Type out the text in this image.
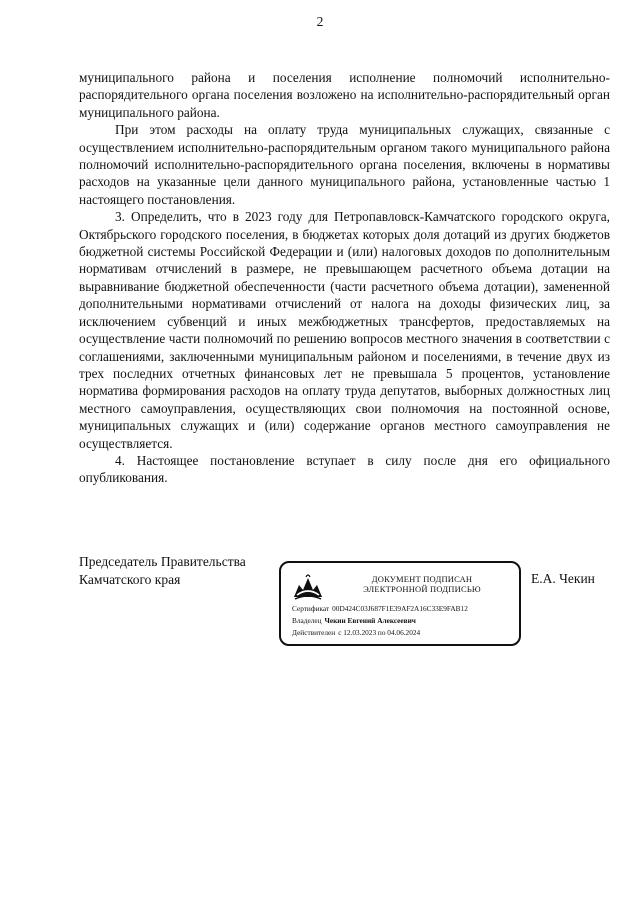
2

муниципального района и поселения исполнение полномочий исполнительно-распорядительного органа поселения возложено на исполнительно-распорядительный орган муниципального района.

При этом расходы на оплату труда муниципальных служащих, связанные с осуществлением исполнительно-распорядительным органом такого муниципального района полномочий исполнительно-распорядительного органа поселения, включены в нормативы расходов на указанные цели данного муниципального района, установленные частью 1 настоящего постановления.

3. Определить, что в 2023 году для Петропавловск-Камчатского городского округа, Октябрьского городского поселения, в бюджетах которых доля дотаций из других бюджетов бюджетной системы Российской Федерации и (или) налоговых доходов по дополнительным нормативам отчислений в размере, не превышающем расчетного объема дотации на выравнивание бюджетной обеспеченности (части расчетного объема дотации), замененной дополнительными нормативами отчислений от налога на доходы физических лиц, за исключением субвенций и иных межбюджетных трансфертов, предоставляемых на осуществление части полномочий по решению вопросов местного значения в соответствии с соглашениями, заключенными муниципальным районом и поселениями, в течение двух из трех последних отчетных финансовых лет не превышала 5 процентов, установление норматива формирования расходов на оплату труда депутатов, выборных должностных лиц местного самоуправления, осуществляющих свои полномочия на постоянной основе, муниципальных служащих и (или) содержание органов местного самоуправления не осуществляется.

4. Настоящее постановление вступает в силу после дня его официального опубликования.

Председатель Правительства
Камчатского края	Е.А. Чекин
ДОКУМЕНТ ПОДПИСАН
ЭЛЕКТРОННОЙ ПОДПИСЬЮ
Сертификат 00D424C03J687F1E39AF2A16C33E9FAB12
Владелец Чекин Евгений Алексеевич
Действителен с 12.03.2023 по 04.06.2024
